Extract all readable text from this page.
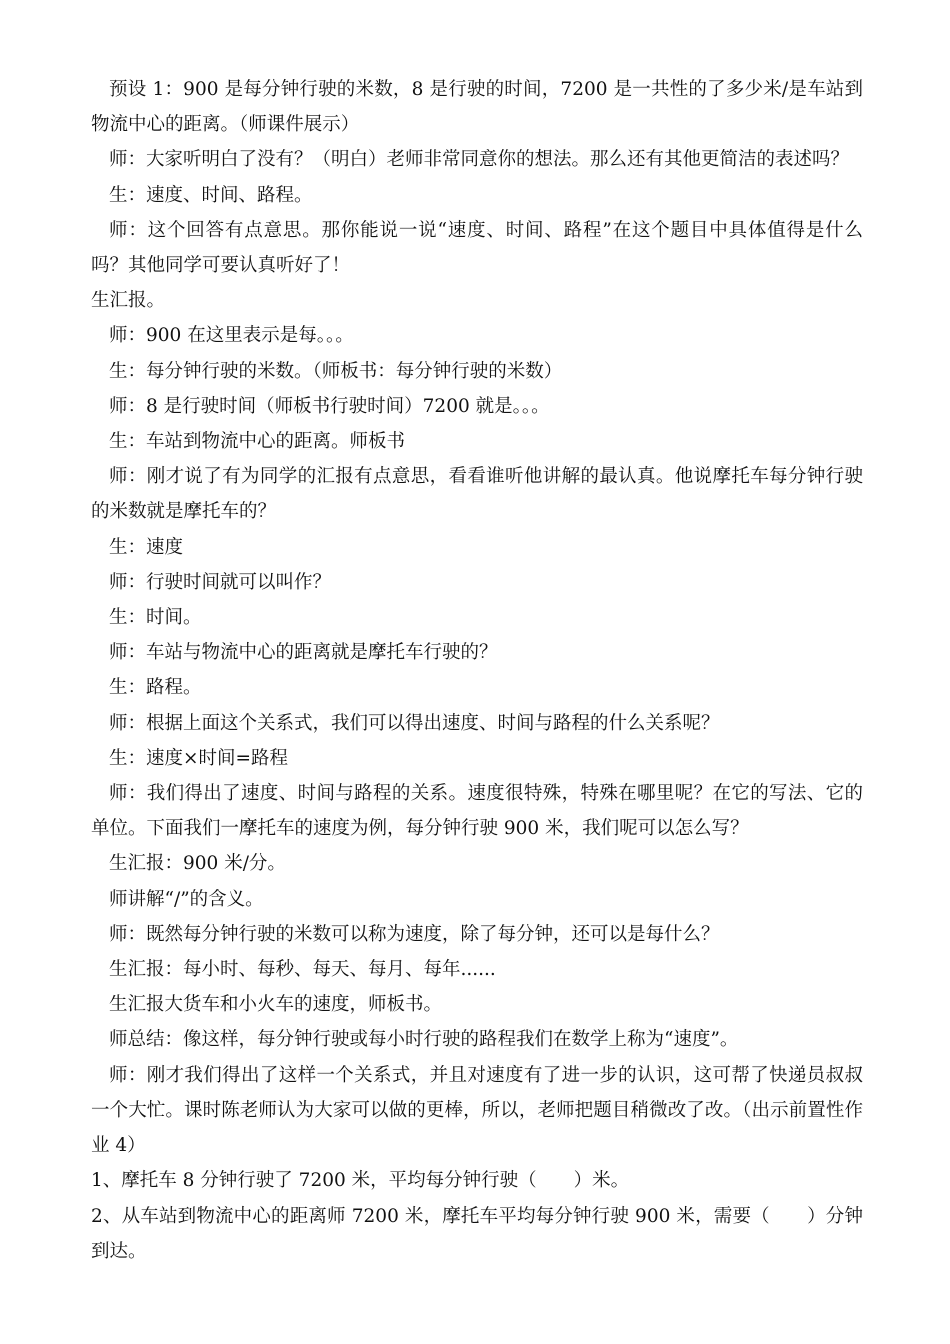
预设 1：900 是每分钟行驶的米数，8 是行驶的时间，7200 是一共性的了多少米/是车站到物流中心的距离。（师课件展示）

师：大家听明白了没有？（明白）老师非常同意你的想法。那么还有其他更简洁的表述吗？

生：速度、时间、路程。

师：这个回答有点意思。那你能说一说“速度、时间、路程”在这个题目中具体值得是什么吗？其他同学可要认真听好了！

生汇报。

师：900 在这里表示是每。。。

生：每分钟行驶的米数。（师板书：每分钟行驶的米数）

师：8 是行驶时间（师板书行驶时间）7200 就是。。。

生：车站到物流中心的距离。师板书

师：刚才说了有为同学的汇报有点意思，看看谁听他讲解的最认真。他说摩托车每分钟行驶的米数就是摩托车的？

生：速度

师：行驶时间就可以叫作？

生：时间。

师：车站与物流中心的距离就是摩托车行驶的？

生：路程。

师：根据上面这个关系式，我们可以得出速度、时间与路程的什么关系呢？

生：速度×时间=路程

师：我们得出了速度、时间与路程的关系。速度很特殊，特殊在哪里呢？在它的写法、它的单位。下面我们一摩托车的速度为例，每分钟行驶 900 米，我们呢可以怎么写？

生汇报：900 米/分。

师讲解“/”的含义。

师：既然每分钟行驶的米数可以称为速度，除了每分钟，还可以是每什么？

生汇报：每小时、每秒、每天、每月、每年......

生汇报大货车和小火车的速度，师板书。

师总结：像这样，每分钟行驶或每小时行驶的路程我们在数学上称为“速度”。

师：刚才我们得出了这样一个关系式，并且对速度有了进一步的认识，这可帮了快递员叔叔一个大忙。课时陈老师认为大家可以做的更棒，所以，老师把题目稍微改了改。（出示前置性作业 4）

1、摩托车 8 分钟行驶了 7200 米，平均每分钟行驶（　　）米。

2、从车站到物流中心的距离师 7200 米，摩托车平均每分钟行驶 900 米，需要（　　）分钟到达。
